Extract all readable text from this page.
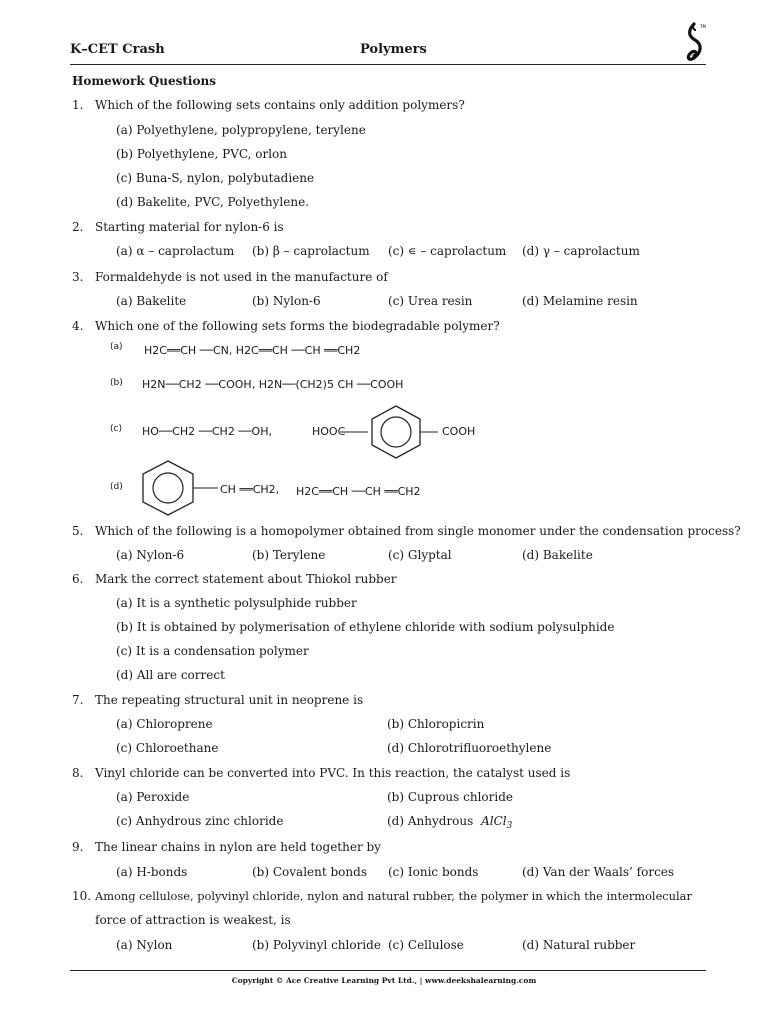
K–CET Crash	Polymers
TM
Homework Questions
1. Which of the following sets contains only addition polymers?
(a) Polyethylene, polypropylene, terylene
(b) Polyethylene, PVC, orlon
(c) Buna-S, nylon, polybutadiene
(d) Bakelite, PVC, Polyethylene.
2. Starting material for nylon-6 is
(a) α – caprolactum (b) β – caprolactum (c) ∊ – caprolactum (d) γ – caprolactum
3. Formaldehyde is not used in the manufacture of
(a) Bakelite	(b) Nylon-6	(c) Urea resin	(d) Melamine resin
4. Which one of the following sets forms the biodegradable polymer?
(a) H2C══CH ──CN, H2C══CH ──CH ══CH2
(b) H2N──CH2 ──COOH, H2N──(CH2)5 CH ──COOH
(c) HO──CH2 ──CH2 ──OH,	HOOC	COOH
(d)	CH ══CH2, H2C══CH ──CH ══CH2
5. Which of the following is a homopolymer obtained from single monomer under the condensation process?
(a) Nylon-6	(b) Terylene	(c) Glyptal	(d) Bakelite
6. Mark the correct statement about Thiokol rubber
(a) It is a synthetic polysulphide rubber
(b) It is obtained by polymerisation of ethylene chloride with sodium polysulphide
(c) It is a condensation polymer
(d) All are correct
7. The repeating structural unit in neoprene is
(a) Chloroprene	(b) Chloropicrin
(c) Chloroethane	(d) Chlorotrifluoroethylene
8. Vinyl chloride can be converted into PVC. In this reaction, the catalyst used is
(a) Peroxide	(b) Cuprous chloride
(c) Anhydrous zinc chloride	(d) Anhydrous AlCl$_3$
9. The linear chains in nylon are held together by
(a) H-bonds	(b) Covalent bonds (c) Ionic bonds	(d) Van der Waals’ forces
10. Among cellulose, polyvinyl chloride, nylon and natural rubber, the polymer in which the intermolecular
force of attraction is weakest, is
(a) Nylon	(b) Polyvinyl chloride (c) Cellulose	(d) Natural rubber
Copyright © Ace Creative Learning Pvt Ltd., | www.deekshalearning.com
